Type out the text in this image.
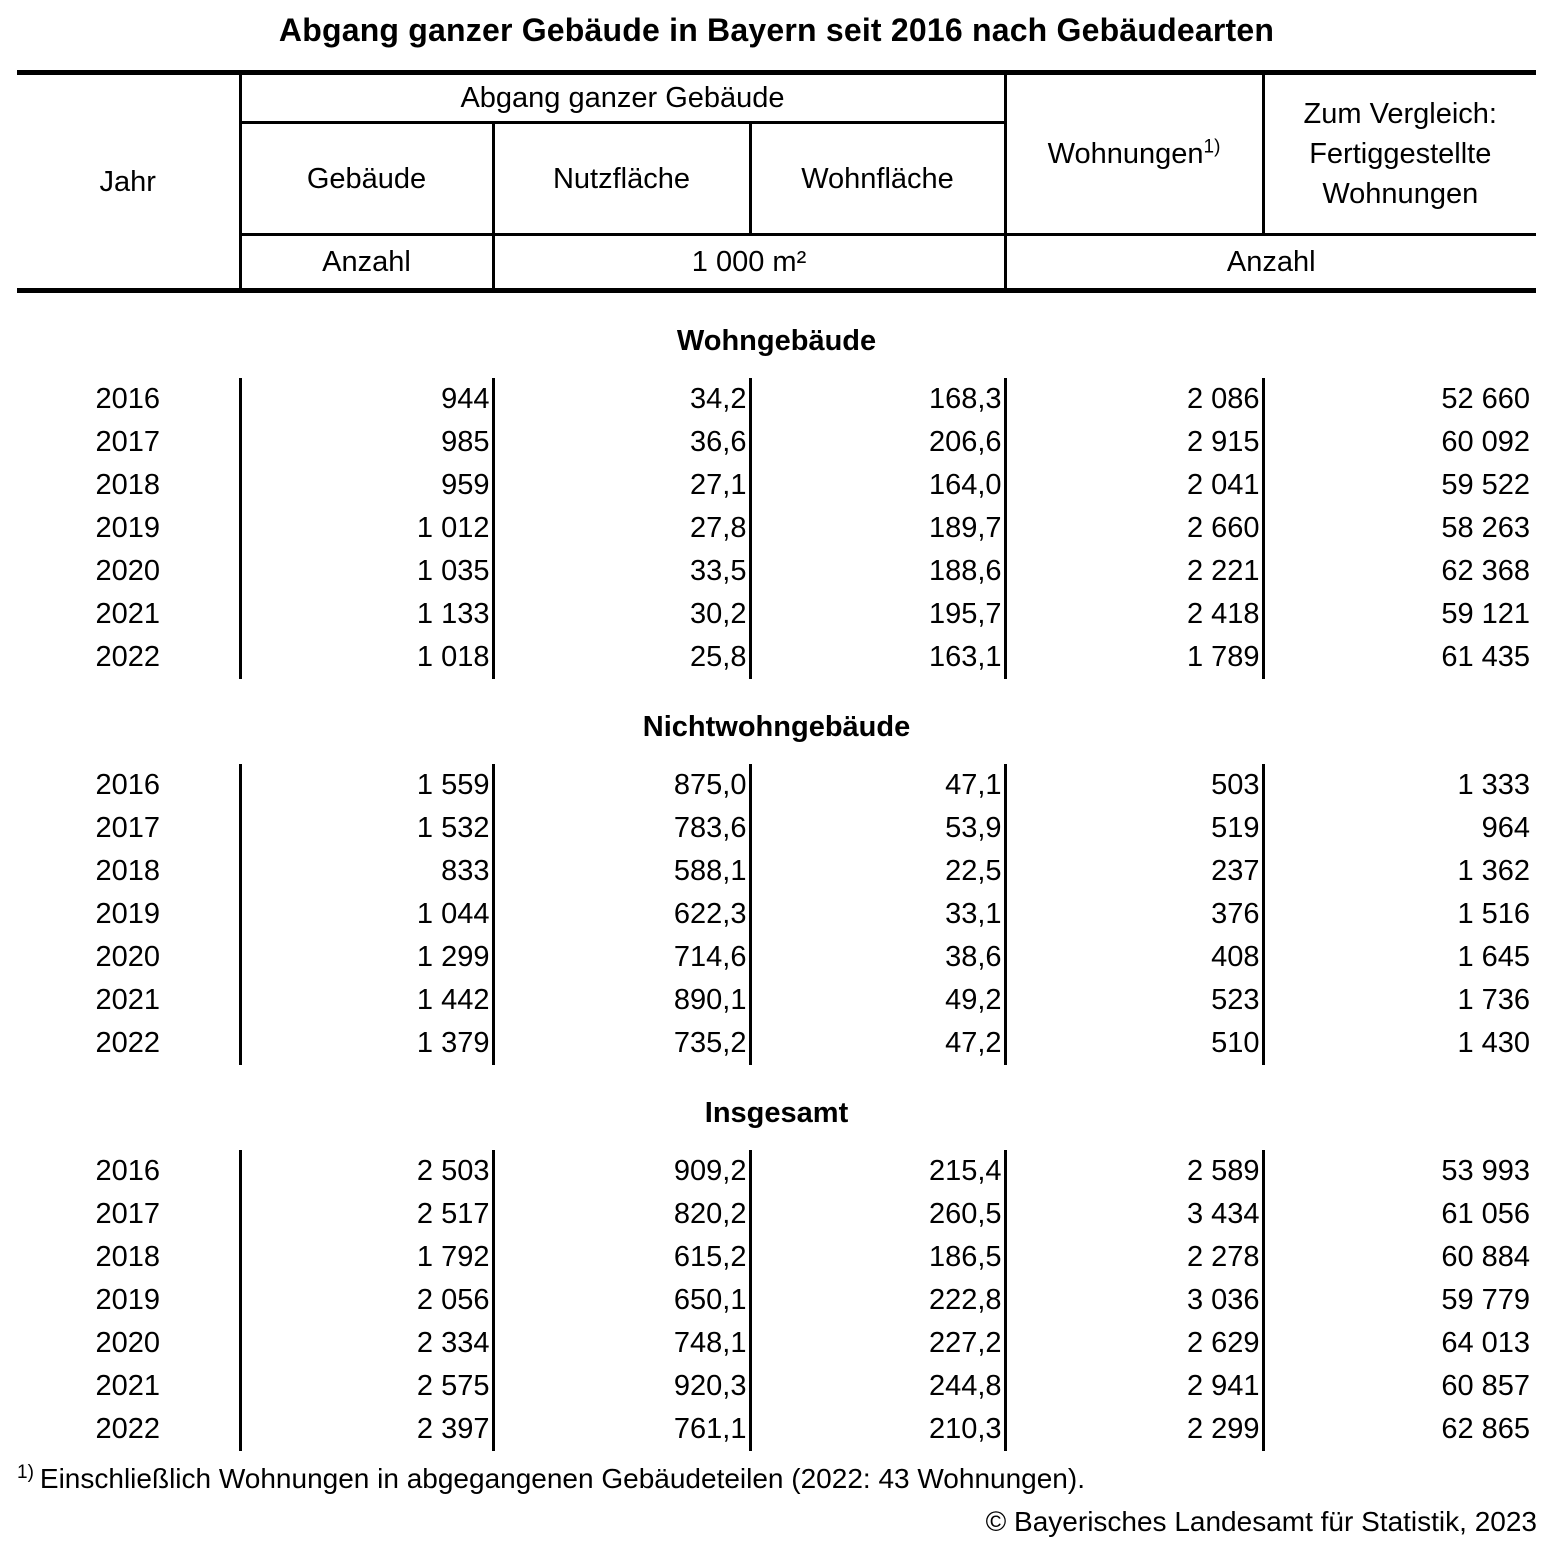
Abgang ganzer Gebäude in Bayern seit 2016 nach Gebäudearten
Jahr	Abgang ganzer Gebäude			Wohnungen$^{1)}$	Zum Vergleich: Fertiggestellte Wohnungen
	Gebäude	Nutzfläche	Wohnfläche		
	Anzahl	1 000 m²		Anzahl	
Wohngebäude					
2016	944	34,2	168,3	2 086	52 660
2017	985	36,6	206,6	2 915	60 092
2018	959	27,1	164,0	2 041	59 522
2019	1 012	27,8	189,7	2 660	58 263
2020	1 035	33,5	188,6	2 221	62 368
2021	1 133	30,2	195,7	2 418	59 121
2022	1 018	25,8	163,1	1 789	61 435
Nichtwohngebäude					
2016	1 559	875,0	47,1	503	1 333
2017	1 532	783,6	53,9	519	964
2018	833	588,1	22,5	237	1 362
2019	1 044	622,3	33,1	376	1 516
2020	1 299	714,6	38,6	408	1 645
2021	1 442	890,1	49,2	523	1 736
2022	1 379	735,2	47,2	510	1 430
Insgesamt					
2016	2 503	909,2	215,4	2 589	53 993
2017	2 517	820,2	260,5	3 434	61 056
2018	1 792	615,2	186,5	2 278	60 884
2019	2 056	650,1	222,8	3 036	59 779
2020	2 334	748,1	227,2	2 629	64 013
2021	2 575	920,3	244,8	2 941	60 857
2022	2 397	761,1	210,3	2 299	62 865
$^{1)}$ Einschließlich Wohnungen in abgegangenen Gebäudeteilen (2022: 43 Wohnungen).
© Bayerisches Landesamt für Statistik, 2023
